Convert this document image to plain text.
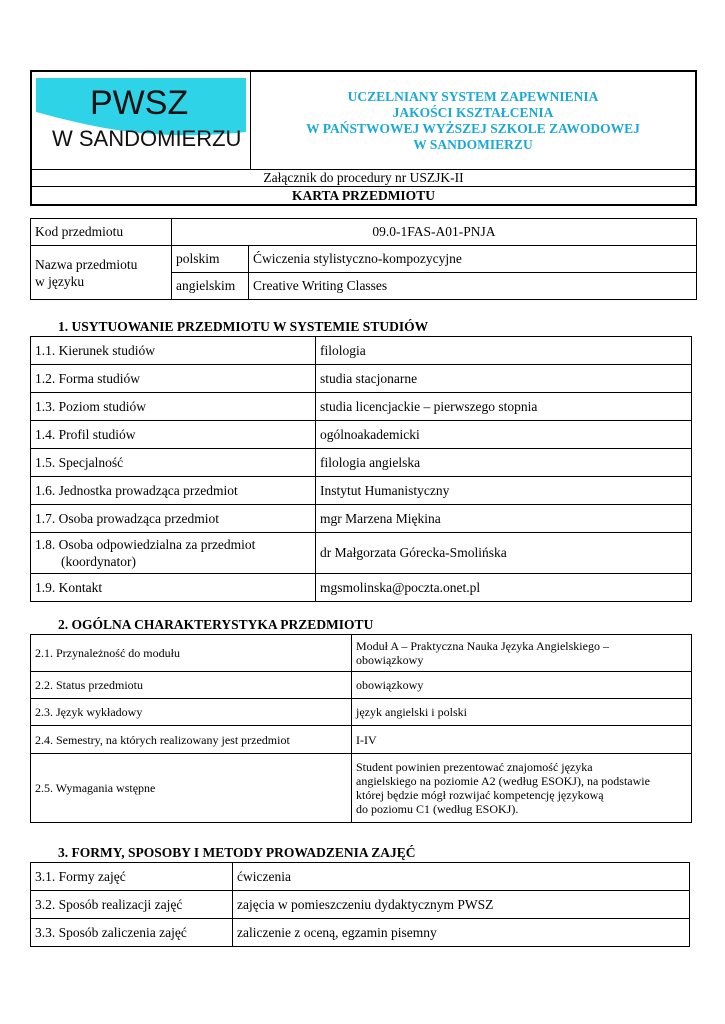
PWSZ
W SANDOMIERZU

UCZELNIANY SYSTEM ZAPEWNIENIA
JAKOŚCI KSZTAŁCENIA
W PAŃSTWOWEJ WYŻSZEJ SZKOLE ZAWODOWEJ
W SANDOMIERZU

Załącznik do procedury nr USZJK-II
KARTA PRZEDMIOTU
Kod przedmiotu	09.0-1FAS-A01-PNJA	

Nazwa przedmiotu
w języku	polskim	Ćwiczenia stylistyczno-kompozycyjne
	angielskim	Creative Writing Classes
1. USYTUOWANIE PRZEDMIOTU W SYSTEMIE STUDIÓW
1.1. Kierunek studiów	filologia
1.2. Forma studiów	studia stacjonarne
1.3. Poziom studiów	studia licencjackie – pierwszego stopnia
1.4. Profil studiów	ogólnoakademicki
1.5. Specjalność	filologia angielska
1.6. Jednostka prowadząca przedmiot	Instytut Humanistyczny
1.7. Osoba prowadząca przedmiot	mgr Marzena Miękina

1.8. Osoba odpowiedzialna za przedmiot
(koordynator)	dr Małgorzata Górecka-Smolińska
1.9. Kontakt	mgsmolinska@poczta.onet.pl
2. OGÓLNA CHARAKTERYSTYKA PRZEDMIOTU
2.1. Przynależność do modułu	Moduł A – Praktyczna Nauka Języka Angielskiego –
obowiązkowy

2.2. Status przedmiotu	obowiązkowy
2.3. Język wykładowy	język angielski i polski
2.4. Semestry, na których realizowany jest przedmiot	I-IV
2.5. Wymagania wstępne	Student powinien prezentować znajomość języka
angielskiego na poziomie A2 (według ESOKJ), na podstawie
której będzie mógł rozwijać kompetencję językową
do poziomu C1 (według ESOKJ).
3. FORMY, SPOSOBY I METODY PROWADZENIA ZAJĘĆ
3.1. Formy zajęć	ćwiczenia
3.2. Sposób realizacji zajęć	zajęcia w pomieszczeniu dydaktycznym PWSZ
3.3. Sposób zaliczenia zajęć	zaliczenie z oceną, egzamin pisemny
